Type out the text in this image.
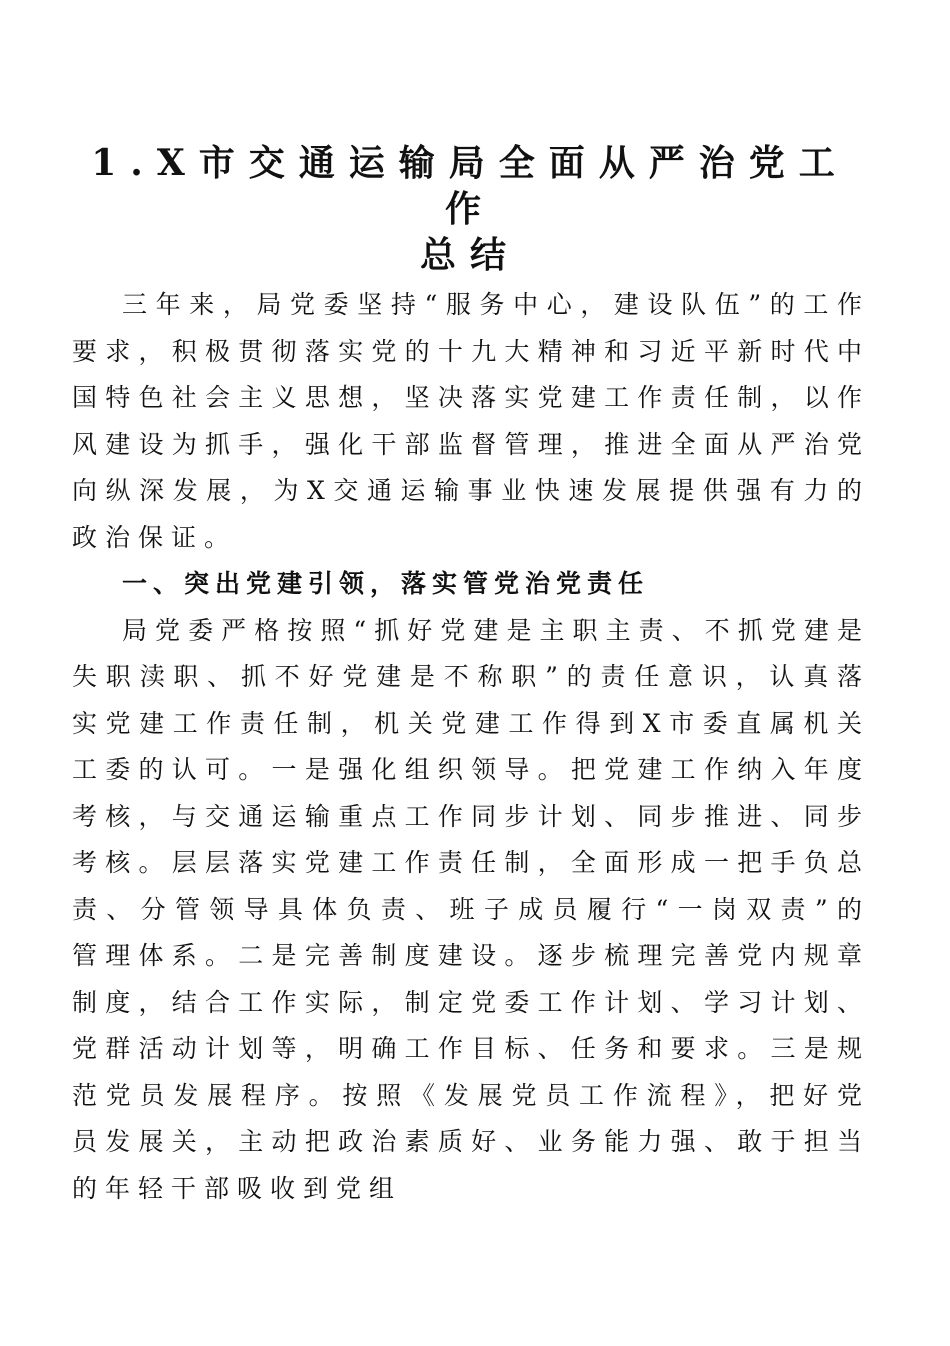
1.X市交通运输局全面从严治党工作
总结

三年来，局党委坚持“服务中心，建设队伍”的工作要求，积极贯彻落实党的十九大精神和习近平新时代中国特色社会主义思想，坚决落实党建工作责任制，以作风建设为抓手，强化干部监督管理，推进全面从严治党向纵深发展，为X交通运输事业快速发展提供强有力的政治保证。

一、突出党建引领，落实管党治党责任

局党委严格按照“抓好党建是主职主责、不抓党建是失职渎职、抓不好党建是不称职”的责任意识，认真落实党建工作责任制，机关党建工作得到X市委直属机关工委的认可。一是强化组织领导。把党建工作纳入年度考核，与交通运输重点工作同步计划、同步推进、同步考核。层层落实党建工作责任制，全面形成一把手负总责、分管领导具体负责、班子成员履行“一岗双责”的管理体系。二是完善制度建设。逐步梳理完善党内规章制度，结合工作实际，制定党委工作计划、学习计划、党群活动计划等，明确工作目标、任务和要求。三是规范党员发展程序。按照《发展党员工作流程》，把好党员发展关，主动把政治素质好、业务能力强、敢于担当的年轻干部吸收到党组
